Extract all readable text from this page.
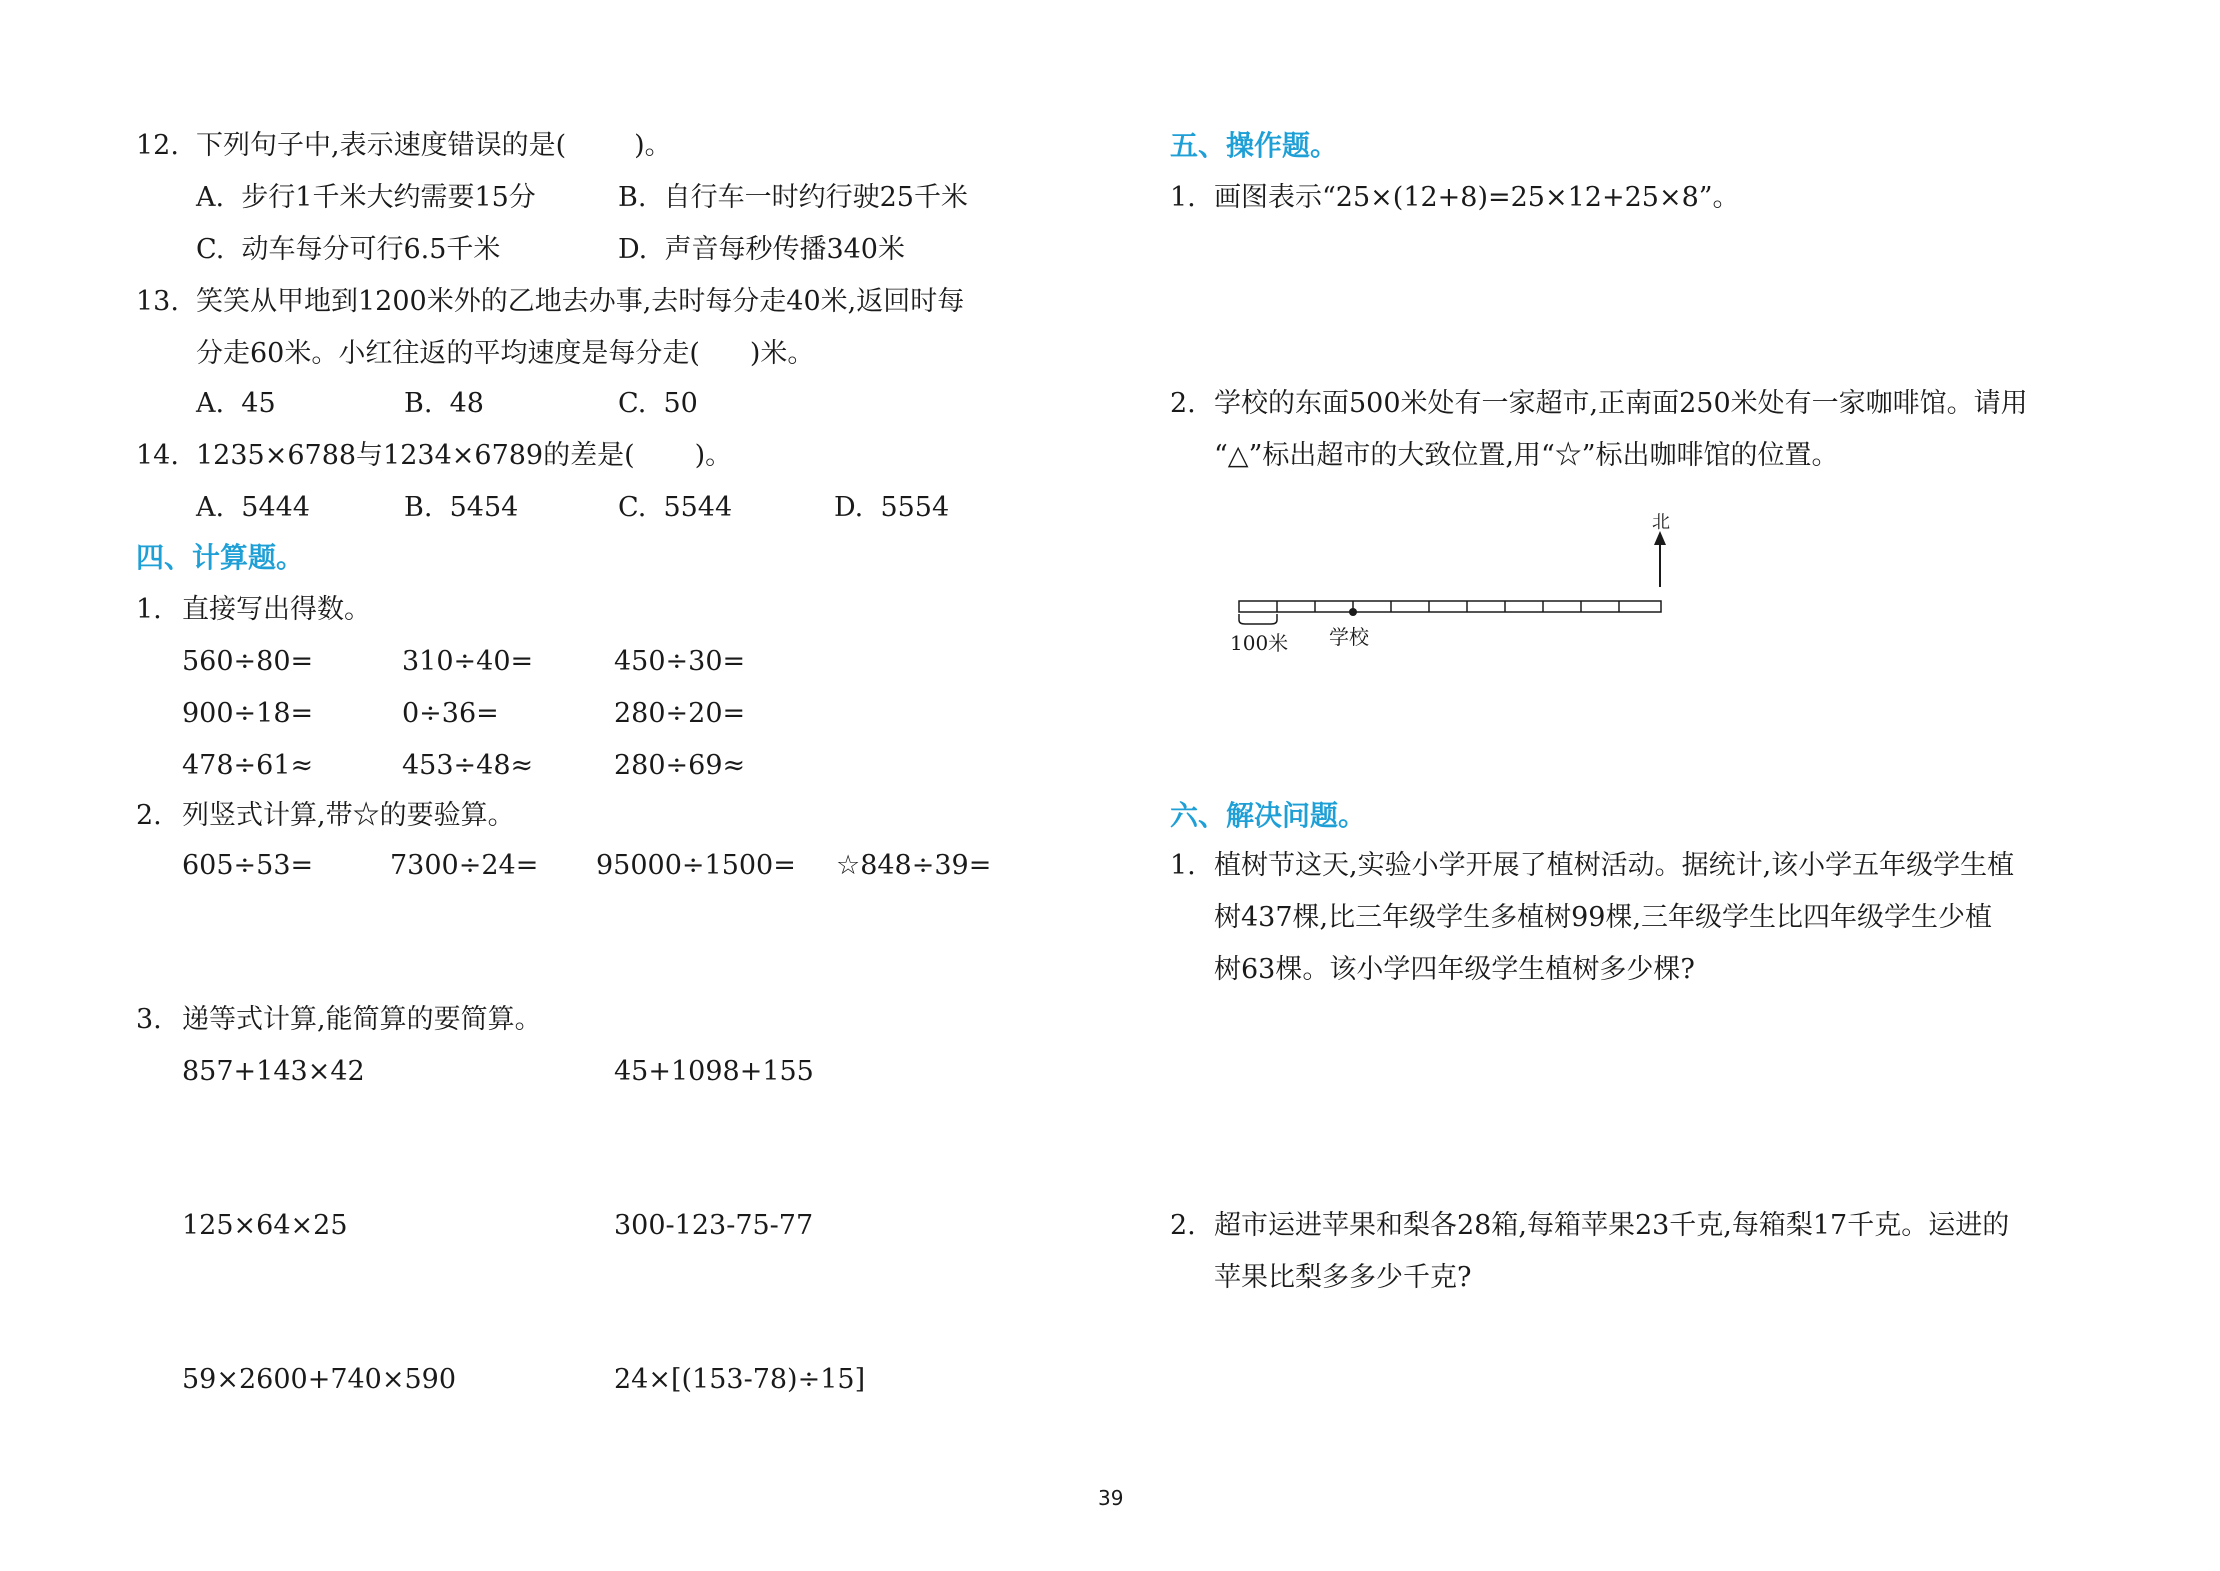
12. 下列句子中,表示速度错误的是(	)。
A. 步行1千米大约需要15分	B. 自行车一时约行驶25千米
C. 动车每分可行6.5千米	D. 声音每秒传播340米
13. 笑笑从甲地到1200米外的乙地去办事,去时每分走40米,返回时每
分走60米。小红往返的平均速度是每分走( )米。
A. 45	B. 48	C. 50
14. 1235×6788与1234×6789的差是( )。
A. 5444	B. 5454	C. 5544	D. 5554
四、计算题。
1. 直接写出得数。
560÷80=	310÷40=	450÷30=
900÷18=	0÷36=	280÷20=
478÷61≈	453÷48≈	280÷69≈
2. 列竖式计算,带☆的要验算。
605÷53=	7300÷24= 95000÷1500= ☆848÷39=
3. 递等式计算,能简算的要简算。
857+143×42	45+1098+155
125×64×25	300-123-75-77
59×2600+740×590	24×[(153-78)÷15]
五、操作题。
1. 画图表示“25×(12+8)=25×12+25×8”。
2. 学校的东面500米处有一家超市,正南面250米处有一家咖啡馆。请用
“△”标出超市的大致位置,用“☆”标出咖啡馆的位置。
北
100米 学校
六、解决问题。
1. 植树节这天,实验小学开展了植树活动。据统计,该小学五年级学生植
树437棵,比三年级学生多植树99棵,三年级学生比四年级学生少植
树63棵。该小学四年级学生植树多少棵?
2. 超市运进苹果和梨各28箱,每箱苹果23千克,每箱梨17千克。运进的
苹果比梨多多少千克?
39
